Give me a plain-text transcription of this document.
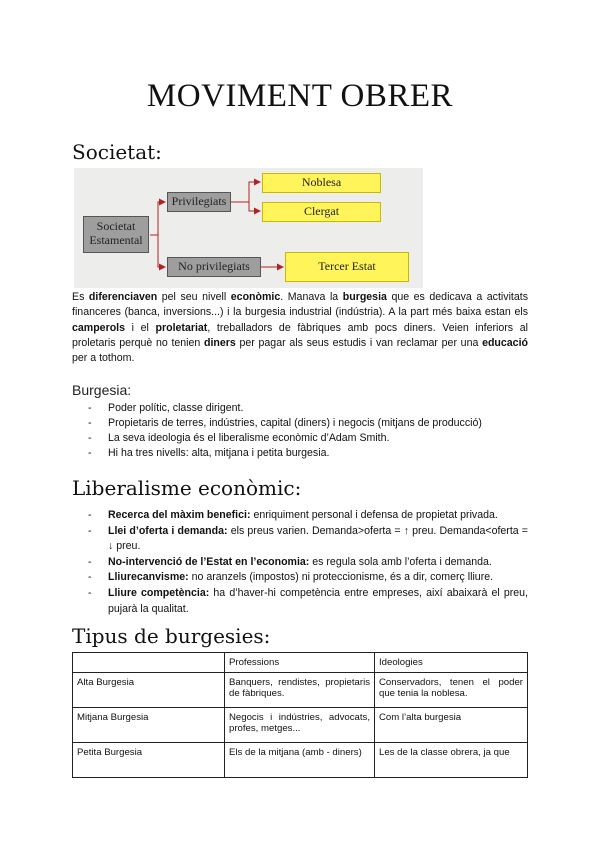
MOVIMENT OBRER
Societat:
Societat
Estamental
Privilegiats
Noblesa
Clergat
No privilegiats	Tercer Estat
Es diferenciaven pel seu nivell econòmic. Manava la burgesia que es dedicava a activitats financeres (banca, inversions...) i la burgesia industrial (indústria). A la part més baixa estan els camperols i el proletariat, treballadors de fàbriques amb pocs diners. Veien inferiors al proletaris perquè no tenien diners per pagar als seus estudis i van reclamar per una educació per a tothom.
Burgesia:
- Poder polític, classe dirigent.
- Propietaris de terres, indústries, capital (diners) i negocis (mitjans de producció)
- La seva ideologia és el liberalisme econòmic d’Adam Smith.
- Hi ha tres nivells: alta, mitjana i petita burgesia.
Liberalisme econòmic:
- Recerca del màxim benefici: enriquiment personal i defensa de propietat privada.
- Llei d’oferta i demanda: els preus varien. Demanda>oferta = ↑ preu. Demanda<oferta = ↓ preu.
- No-intervenció de l’Estat en l’economia: es regula sola amb l’oferta i demanda.
- Lliurecanvisme: no aranzels (impostos) ni proteccionisme, és a dir, comerç lliure.
- Lliure competència: ha d’haver-hi competència entre empreses, així abaixarà el preu, pujarà la qualitat.
Tipus de burgesies:
	Professions	Ideologies
Alta Burgesia	Banquers, rendistes, propietaris de fàbriques.	Conservadors, tenen el poder que tenia la noblesa.
Mitjana Burgesia	Negocis i indústries, advocats, profes, metges...	Com l’alta burgesia
Petita Burgesia	Els de la mitjana (amb - diners)	Les de la classe obrera, ja que
